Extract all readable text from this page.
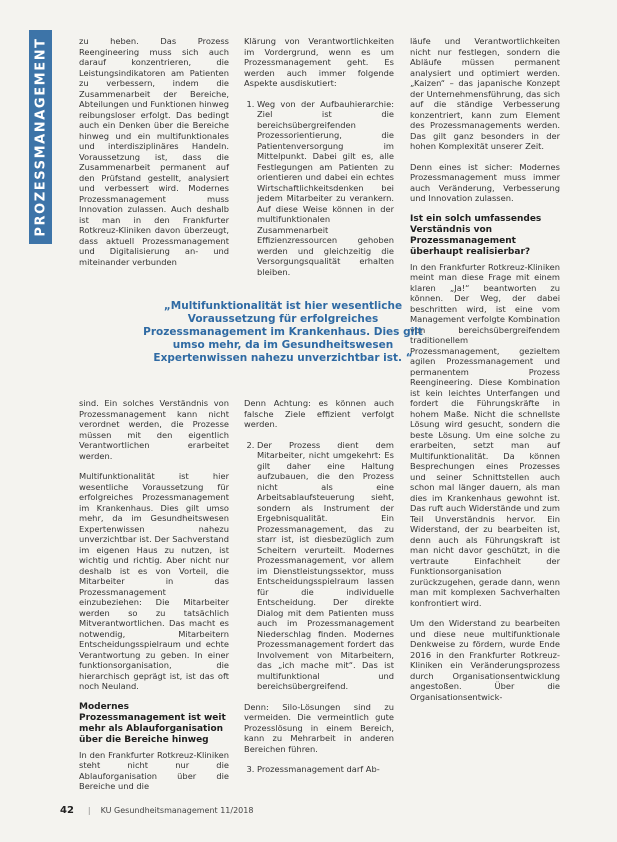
PROZESSMANAGEMENT	zu heben. Das Prozess Reengineering muss sich auch darauf konzentrieren, die Leistungsindikatoren am Patienten zu verbessern, indem die Zusammenarbeit der Bereiche, Abteilungen und Funktionen hinweg reibungsloser erfolgt. Das bedingt auch ein Denken über die Bereiche hinweg und ein multifunktionales und interdisziplinäres Handeln. Voraussetzung ist, dass die Zusammenarbeit permanent auf den Prüfstand gestellt, analysiert und verbessert wird. Modernes Prozessmanagement muss Innovation zulassen. Auch deshalb ist man in den Frankfurter Rotkreuz-Kliniken davon überzeugt, dass aktuell Prozessmanagement und Digitalisierung an- und miteinander verbunden

Klärung von Verantwortlichkeiten im Vordergrund, wenn es um Prozessmanagement geht. Es werden auch immer folgende Aspekte ausdiskutiert:

1. Weg von der Aufbauhierarchie: Ziel ist die bereichsübergreifenden Prozessorientierung, die Patientenversorgung im Mittelpunkt. Dabei gilt es, alle Festlegungen am Patienten zu orientieren und dabei ein echtes Wirtschaftlichkeitsdenken bei jedem Mitarbeiter zu verankern. Auf diese Weise können in der multifunktionalen Zusammenarbeit Effizienzressourcen gehoben werden und gleichzeitig die Versorgungsqualität erhalten bleiben.

läufe und Verantwortlichkeiten nicht nur festlegen, sondern die Abläufe müssen permanent analysiert und optimiert werden. „Kaizen“ – das japanische Konzept der Unternehmensführung, das sich auf die ständige Verbesserung konzentriert, kann zum Element des Prozessmanagements werden. Das gilt ganz besonders in der hohen Komplexität unserer Zeit.

Denn eines ist sicher: Modernes Prozessmanagement muss immer auch Veränderung, Verbesserung und Innovation zulassen.

Ist ein solch umfassendes Verständnis von Prozessmanagement überhaupt realisierbar?

In den Frankfurter Rotkreuz-Kliniken meint man diese Frage mit einem klaren „Ja!“ beantworten zu können. Der Weg, der dabei beschritten wird, ist eine vom Management verfolgte Kombination von bereichsübergreifendem traditionellem Prozessmanagement, gezieltem agilen Prozessmanagement und permanentem Prozess Reengineering. Diese Kombination ist kein leichtes Unterfangen und fordert die Führungskräfte in hohem Maße. Nicht die schnellste Lösung wird gesucht, sondern die beste Lösung. Um eine solche zu erarbeiten, setzt man auf Multifunktionalität. Da können Besprechungen eines Prozesses und seiner Schnittstellen auch schon mal länger dauern, als man dies im Krankenhaus gewohnt ist. Das ruft auch Widerstände und zum Teil Unverständnis hervor. Ein Widerstand, der zu bearbeiten ist, denn auch als Führungskraft ist man nicht davor geschützt, in die vertraute Einfachheit der Funktionsorganisation zurückzugehen, gerade dann, wenn man mit komplexen Sachverhalten konfrontiert wird.

Um den Widerstand zu bearbeiten und diese neue multifunktionale Denkweise zu fördern, wurde Ende 2016 in den Frankfurter Rotkreuz-Kliniken ein Veränderungsprozess durch Organisationsentwicklung angestoßen. Über die Organisationsentwick-

„Multifunktionalität ist hier wesentliche Voraussetzung für erfolgreiches Prozessmanagement im Krankenhaus. Dies gilt umso mehr, da im Gesundheitswesen Expertenwissen nahezu unverzichtbar ist. “

sind. Ein solches Verständnis von Prozessmanagement kann nicht verordnet werden, die Prozesse müssen mit den eigentlich Verantwortlichen erarbeitet werden.

Multifunktionalität ist hier wesentliche Voraussetzung für erfolgreiches Prozessmanagement im Krankenhaus. Dies gilt umso mehr, da im Gesundheitswesen Expertenwissen nahezu unverzichtbar ist. Der Sachverstand im eigenen Haus zu nutzen, ist wichtig und richtig. Aber nicht nur deshalb ist es von Vorteil, die Mitarbeiter in das Prozessmanagement einzubeziehen: Die Mitarbeiter werden so zu tatsächlich Mitverantwortlichen. Das macht es notwendig, Mitarbeitern Entscheidungsspielraum und echte Verantwortung zu geben. In einer funktionsorganisation, die hierarchisch geprägt ist, ist das oft noch Neuland.

Modernes Prozessmanagement ist weit mehr als Ablauforganisation über die Bereiche hinweg

In den Frankfurter Rotkreuz-Kliniken steht nicht nur die Ablauforganisation über die Bereiche und die

Denn Achtung: es können auch falsche Ziele effizient verfolgt werden.

2. Der Prozess dient dem Mitarbeiter, nicht umgekehrt: Es gilt daher eine Haltung aufzubauen, die den Prozess nicht als eine Arbeitsablaufsteuerung sieht, sondern als Instrument der Ergebnisqualität. Ein Prozessmanagement, das zu starr ist, ist diesbezüglich zum Scheitern verurteilt. Modernes Prozessmanagement, vor allem im Dienstleistungssektor, muss Entscheidungsspielraum lassen für die individuelle Entscheidung. Der direkte Dialog mit dem Patienten muss auch im Prozessmanagement Niederschlag finden. Modernes Prozessmanagement fordert das Involvement von Mitarbeitern, das „ich mache mit“. Das ist multifunktional und bereichsübergreifend.

Denn: Silo-Lösungen sind zu vermeiden. Die vermeintlich gute Prozesslösung in einem Bereich, kann zu Mehrarbeit in anderen Bereichen führen.

3. Prozessmanagement darf Ab-
42 | KU Gesundheitsmanagement 11/2018
